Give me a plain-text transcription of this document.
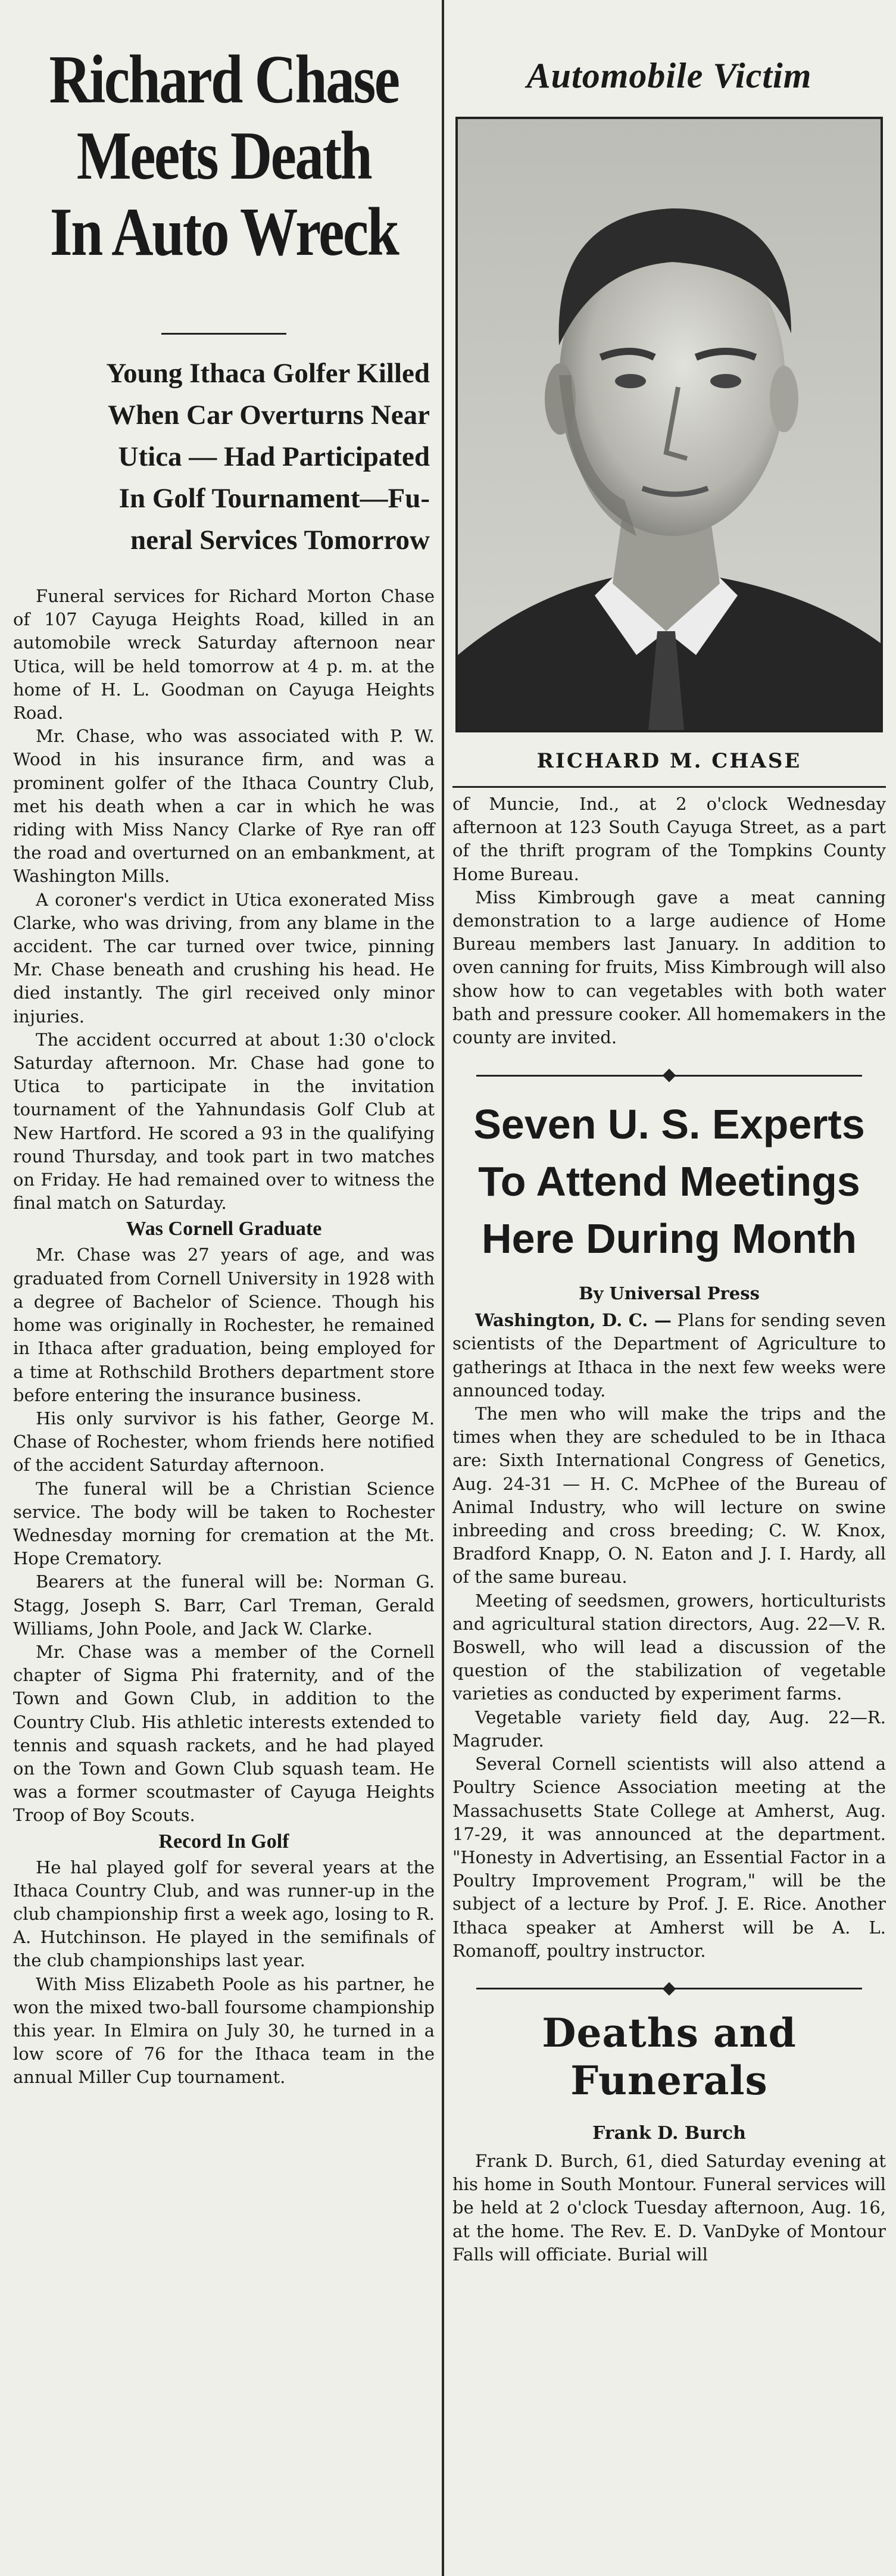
Richard Chase
Meets Death
In Auto Wreck
Young Ithaca Golfer Killed
When Car Overturns Near
Utica — Had Participated
In Golf Tournament—Fu-
neral Services Tomorrow

Funeral services for Richard Morton Chase of 107 Cayuga Heights Road, killed in an automobile wreck Saturday afternoon near Utica, will be held tomorrow at 4 p. m. at the home of H. L. Goodman on Cayuga Heights Road.

Mr. Chase, who was associated with P. W. Wood in his insurance firm, and was a prominent golfer of the Ithaca Country Club, met his death when a car in which he was riding with Miss Nancy Clarke of Rye ran off the road and overturned on an embankment, at Washington Mills.

A coroner's verdict in Utica exonerated Miss Clarke, who was driving, from any blame in the accident. The car turned over twice, pinning Mr. Chase beneath and crushing his head. He died instantly. The girl received only minor injuries.

The accident occurred at about 1:30 o'clock Saturday afternoon. Mr. Chase had gone to Utica to participate in the invitation tournament of the Yahnundasis Golf Club at New Hartford. He scored a 93 in the qualifying round Thursday, and took part in two matches on Friday. He had remained over to witness the final match on Saturday.

Was Cornell Graduate

Mr. Chase was 27 years of age, and was graduated from Cornell University in 1928 with a degree of Bachelor of Science. Though his home was originally in Rochester, he remained in Ithaca after graduation, being employed for a time at Rothschild Brothers department store before entering the insurance business.

His only survivor is his father, George M. Chase of Rochester, whom friends here notified of the accident Saturday afternoon.

The funeral will be a Christian Science service. The body will be taken to Rochester Wednesday morning for cremation at the Mt. Hope Crematory.

Bearers at the funeral will be: Norman G. Stagg, Joseph S. Barr, Carl Treman, Gerald Williams, John Poole, and Jack W. Clarke.

Mr. Chase was a member of the Cornell chapter of Sigma Phi fraternity, and of the Town and Gown Club, in addition to the Country Club. His athletic interests extended to tennis and squash rackets, and he had played on the Town and Gown Club squash team. He was a former scoutmaster of Cayuga Heights Troop of Boy Scouts.

Record In Golf

He hal played golf for several years at the Ithaca Country Club, and was runner-up in the club championship first a week ago, losing to R. A. Hutchinson. He played in the semifinals of the club championships last year.

With Miss Elizabeth Poole as his partner, he won the mixed two-ball foursome championship this year. In Elmira on July 30, he turned in a low score of 76 for the Ithaca team in the annual Miller Cup tournament.

Automobile Victim
RICHARD M. CHASE

of Muncie, Ind., at 2 o'clock Wednesday afternoon at 123 South Cayuga Street, as a part of the thrift program of the Tompkins County Home Bureau.

Miss Kimbrough gave a meat canning demonstration to a large audience of Home Bureau members last January. In addition to oven canning for fruits, Miss Kimbrough will also show how to can vegetables with both water bath and pressure cooker. All homemakers in the county are invited.

Seven U. S. Experts
To Attend Meetings
Here During Month
By Universal Press

Washington, D. C. — Plans for sending seven scientists of the Department of Agriculture to gatherings at Ithaca in the next few weeks were announced today.

The men who will make the trips and the times when they are scheduled to be in Ithaca are: Sixth International Congress of Genetics, Aug. 24-31 — H. C. McPhee of the Bureau of Animal Industry, who will lecture on swine inbreeding and cross breeding; C. W. Knox, Bradford Knapp, O. N. Eaton and J. I. Hardy, all of the same bureau.

Meeting of seedsmen, growers, horticulturists and agricultural station directors, Aug. 22—V. R. Boswell, who will lead a discussion of the question of the stabilization of vegetable varieties as conducted by experiment farms.

Vegetable variety field day, Aug. 22—R. Magruder.

Several Cornell scientists will also attend a Poultry Science Association meeting at the Massachusetts State College at Amherst, Aug. 17-29, it was announced at the department. "Honesty in Advertising, an Essential Factor in a Poultry Improvement Program," will be the subject of a lecture by Prof. J. E. Rice. Another Ithaca speaker at Amherst will be A. L. Romanoff, poultry instructor.

Deaths and Funerals
Frank D. Burch

Frank D. Burch, 61, died Saturday evening at his home in South Montour. Funeral services will be held at 2 o'clock Tuesday afternoon, Aug. 16, at the home. The Rev. E. D. VanDyke of Montour Falls will officiate. Burial will
